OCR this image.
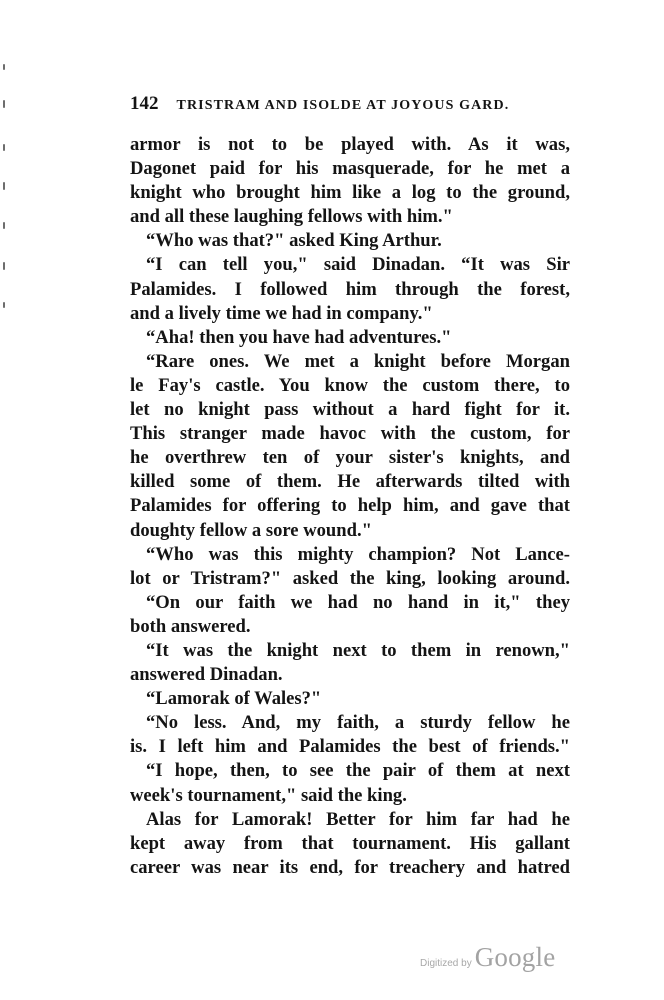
142 TRISTRAM AND ISOLDE AT JOYOUS GARD.
armor is not to be played with. As it was,
Dagonet paid for his masquerade, for he met a
knight who brought him like a log to the ground,
and all these laughing fellows with him."
“Who was that?" asked King Arthur.
“I can tell you," said Dinadan. “It was Sir
Palamides. I followed him through the forest,
and a lively time we had in company."
“Aha! then you have had adventures."
“Rare ones. We met a knight before Morgan
le Fay's castle. You know the custom there, to
let no knight pass without a hard fight for it.
This stranger made havoc with the custom, for
he overthrew ten of your sister's knights, and
killed some of them. He afterwards tilted with
Palamides for offering to help him, and gave that
doughty fellow a sore wound."
“Who was this mighty champion? Not Lance-
lot or Tristram?" asked the king, looking around.
“On our faith we had no hand in it," they
both answered.
“It was the knight next to them in renown,"
answered Dinadan.
“Lamorak of Wales?"
“No less. And, my faith, a sturdy fellow he
is. I left him and Palamides the best of friends."
“I hope, then, to see the pair of them at next
week's tournament," said the king.
Alas for Lamorak! Better for him far had he
kept away from that tournament. His gallant
career was near its end, for treachery and hatred
Digitized by Google
